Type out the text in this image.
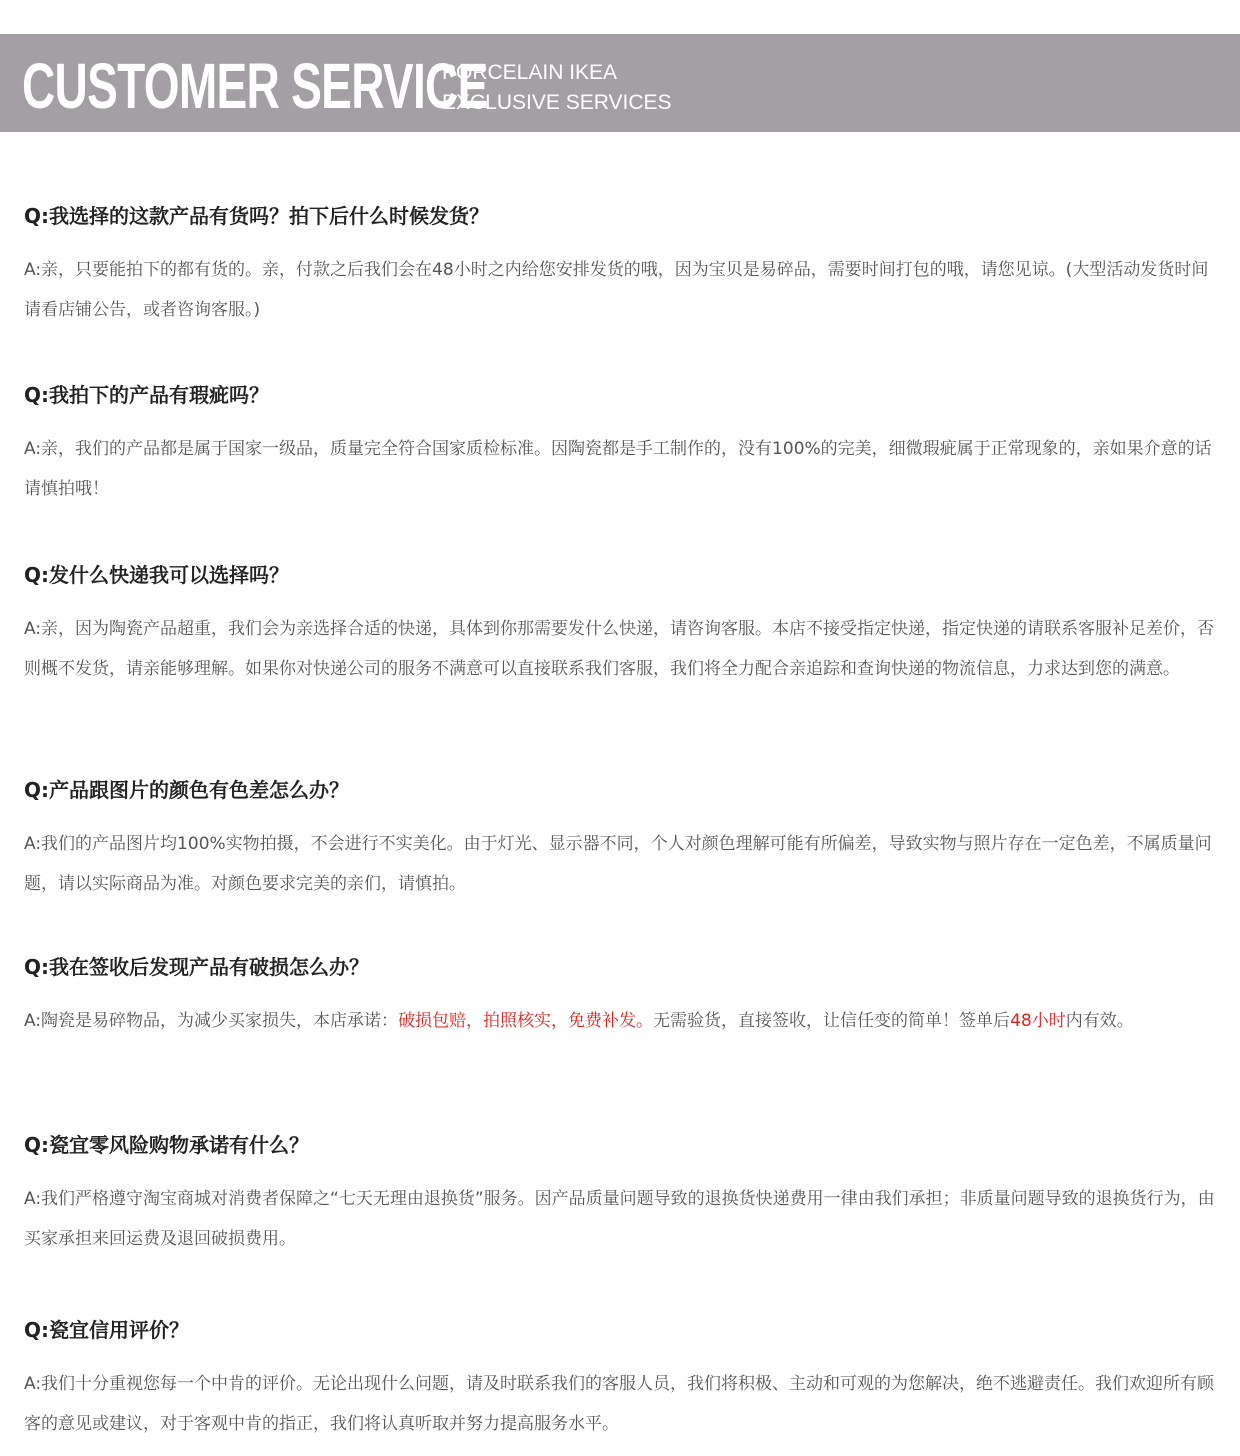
CUSTOMER SERVICE
PORCELAIN IKEA
EXCLUSIVE SERVICES

Q:我选择的这款产品有货吗？拍下后什么时候发货？

A:亲，只要能拍下的都有货的。亲，付款之后我们会在48小时之内给您安排发货的哦，因为宝贝是易碎品，需要时间打包的哦，请您见谅。(大型活动发货时间请看店铺公告，或者咨询客服。)

Q:我拍下的产品有瑕疵吗？

A:亲，我们的产品都是属于国家一级品，质量完全符合国家质检标准。因陶瓷都是手工制作的，没有100%的完美，细微瑕疵属于正常现象的，亲如果介意的话请慎拍哦！

Q:发什么快递我可以选择吗？

A:亲，因为陶瓷产品超重，我们会为亲选择合适的快递，具体到你那需要发什么快递，请咨询客服。本店不接受指定快递，指定快递的请联系客服补足差价，否则概不发货，请亲能够理解。如果你对快递公司的服务不满意可以直接联系我们客服，我们将全力配合亲追踪和查询快递的物流信息，力求达到您的满意。

Q:产品跟图片的颜色有色差怎么办？

A:我们的产品图片均100%实物拍摄，不会进行不实美化。由于灯光、显示器不同，个人对颜色理解可能有所偏差，导致实物与照片存在一定色差，不属质量问题，请以实际商品为准。对颜色要求完美的亲们，请慎拍。

Q:我在签收后发现产品有破损怎么办？

A:陶瓷是易碎物品，为减少买家损失，本店承诺：破损包赔，拍照核实，免费补发。无需验货，直接签收，让信任变的简单！签单后48小时内有效。

Q:瓷宜零风险购物承诺有什么？

A:我们严格遵守淘宝商城对消费者保障之“七天无理由退换货”服务。因产品质量问题导致的退换货快递费用一律由我们承担；非质量问题导致的退换货行为，由买家承担来回运费及退回破损费用。

Q:瓷宜信用评价？

A:我们十分重视您每一个中肯的评价。无论出现什么问题，请及时联系我们的客服人员，我们将积极、主动和可观的为您解决，绝不逃避责任。我们欢迎所有顾客的意见或建议，对于客观中肯的指正，我们将认真听取并努力提高服务水平。
